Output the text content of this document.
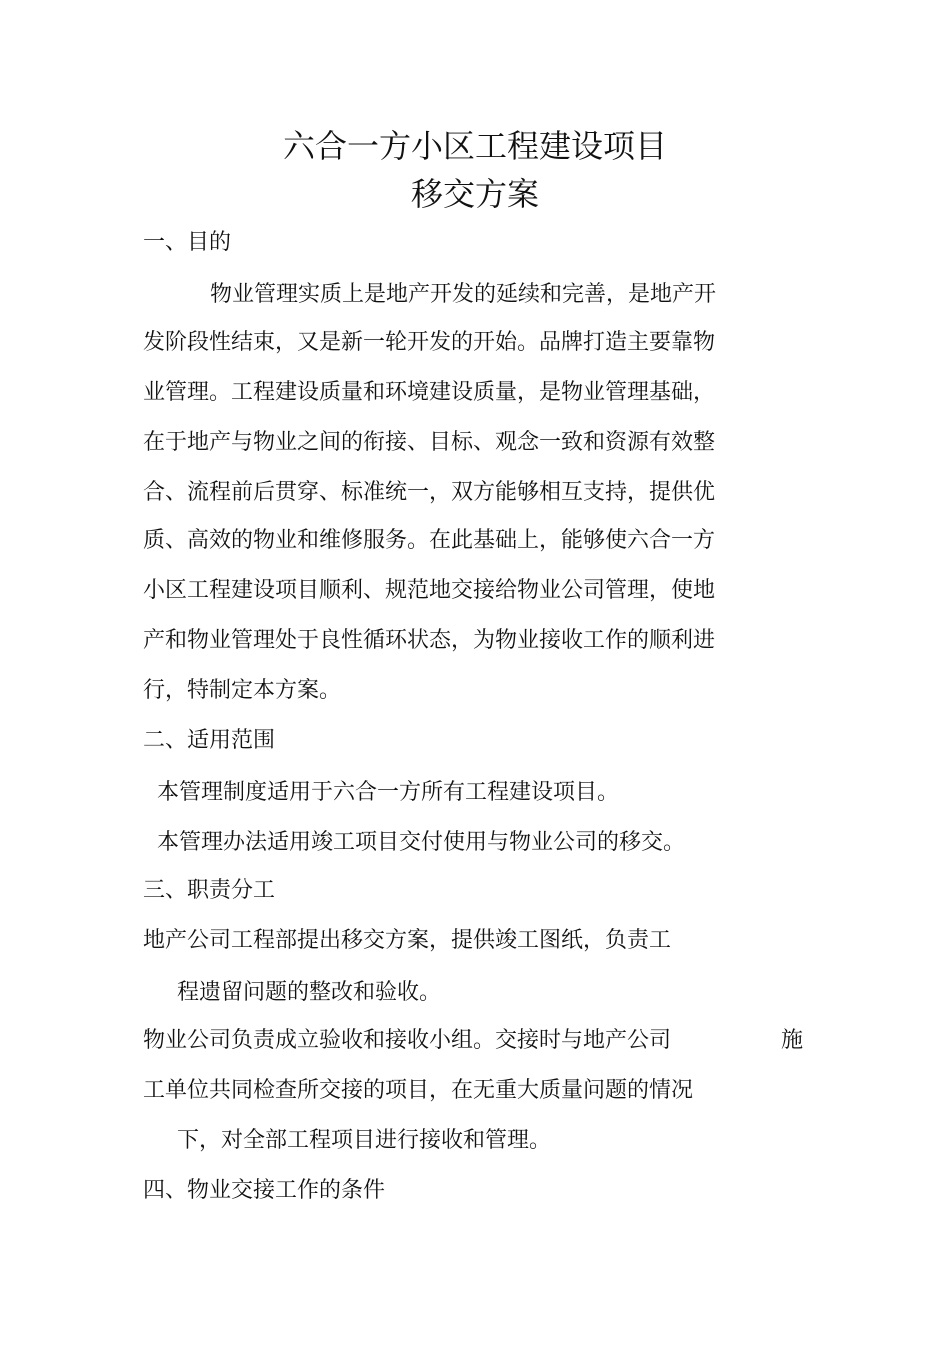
六合一方小区工程建设项目
移交方案
一、目的
物业管理实质上是地产开发的延续和完善，是地产开
发阶段性结束，又是新一轮开发的开始。品牌打造主要靠物
业管理。工程建设质量和环境建设质量，是物业管理基础，
在于地产与物业之间的衔接、目标、观念一致和资源有效整
合、流程前后贯穿、标准统一，双方能够相互支持，提供优
质、高效的物业和维修服务。在此基础上，能够使六合一方
小区工程建设项目顺利、规范地交接给物业公司管理，使地
产和物业管理处于良性循环状态，为物业接收工作的顺利进
行，特制定本方案。
二、适用范围
本管理制度适用于六合一方所有工程建设项目。
本管理办法适用竣工项目交付使用与物业公司的移交。
三、职责分工
地产公司工程部提出移交方案，提供竣工图纸，负责工
程遗留问题的整改和验收。
物业公司负责成立验收和接收小组。交接时与地产公司	施
工单位共同检查所交接的项目，在无重大质量问题的情况
下，对全部工程项目进行接收和管理。
四、物业交接工作的条件
